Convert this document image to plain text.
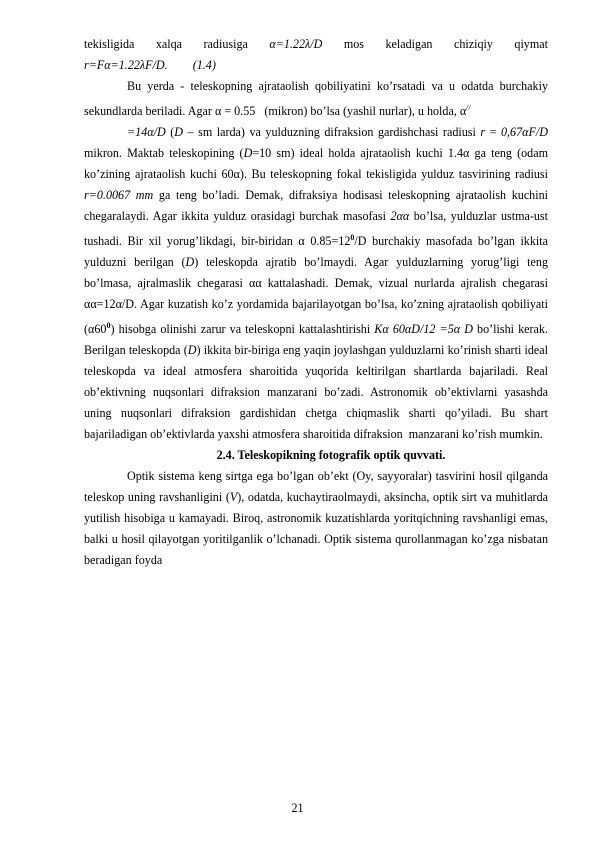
tekisligida xalqa radiusiga α=1.22λ/D mos keladigan chiziqiy qiymat

r=Fα=1.22λF/D. (1.4)

Bu yerda - teleskopning ajrataolish qobiliyatini ko’rsatadi va u odatda burchakiy sekundlarda beriladi. Agar α = 0.55   (mikron) bo’lsa (yashil nurlar), u holda, α//

=14α/D (D – sm larda) va yulduzning difraksion gardishchasi radiusi r = 0,67αF/D mikron. Maktab teleskopining (D=10 sm) ideal holda ajrataolish kuchi 1.4α ga teng (odam ko’zining ajrataolish kuchi 60α). Bu teleskopning fokal tekisligida yulduz tasvirining radiusi r=0.0067 mm ga teng bo’ladi. Demak, difraksiya hodisasi teleskopning ajrataolish kuchini chegaralaydi. Agar ikkita yulduz orasidagi burchak masofasi 2αα bo’lsa, yulduzlar ustma-ust tushadi. Bir xil yorug’likdagi, bir-biridan α $0.85=12^0/D$ burchakiy masofada bo’lgan ikkita yulduzni berilgan (D) teleskopda ajratib bo’lmaydi. Agar yulduzlarning yorug’ligi teng bo’lmasa, ajralmaslik chegarasi αα kattalashadi. Demak, vizual nurlarda ajralish chegarasi αα=12α/D. Agar kuzatish ko’z yordamida bajarilayotgan bo’lsa, ko’zning ajrataolish qobiliyati $(\alpha 60^0)$ hisobga olinishi zarur va teleskopni kattalashtirishi Kα 60αD/12 =5α D bo’lishi kerak. Berilgan teleskopda (D) ikkita bir-biriga eng yaqin joylashgan yulduzlarni ko’rinish sharti ideal teleskopda va ideal atmosfera sharoitida yuqorida keltirilgan shartlarda bajariladi. Real ob’ektivning nuqsonlari difraksion manzarani bo’zadi. Astronomik ob’ektivlarni yasashda uning nuqsonlari difraksion gardishidan chetga chiqmaslik sharti qo’yiladi. Bu shart bajariladigan ob’ektivlarda yaxshi atmosfera sharoitida difraksion  manzarani ko’rish mumkin.

2.4. Teleskopikning fotografik optik quvvati.

Optik sistema keng sirtga ega bo’lgan ob’ekt (Oy, sayyoralar) tasvirini hosil qilganda teleskop uning ravshanligini (V), odatda, kuchaytiraolmaydi, aksincha, optik sirt va muhitlarda yutilish hisobiga u kamayadi. Biroq, astronomik kuzatishlarda yoritqichning ravshanligi emas, balki u hosil qilayotgan yoritilganlik o’lchanadi. Optik sistema qurollanmagan ko’zga nisbatan beradigan foyda

21
